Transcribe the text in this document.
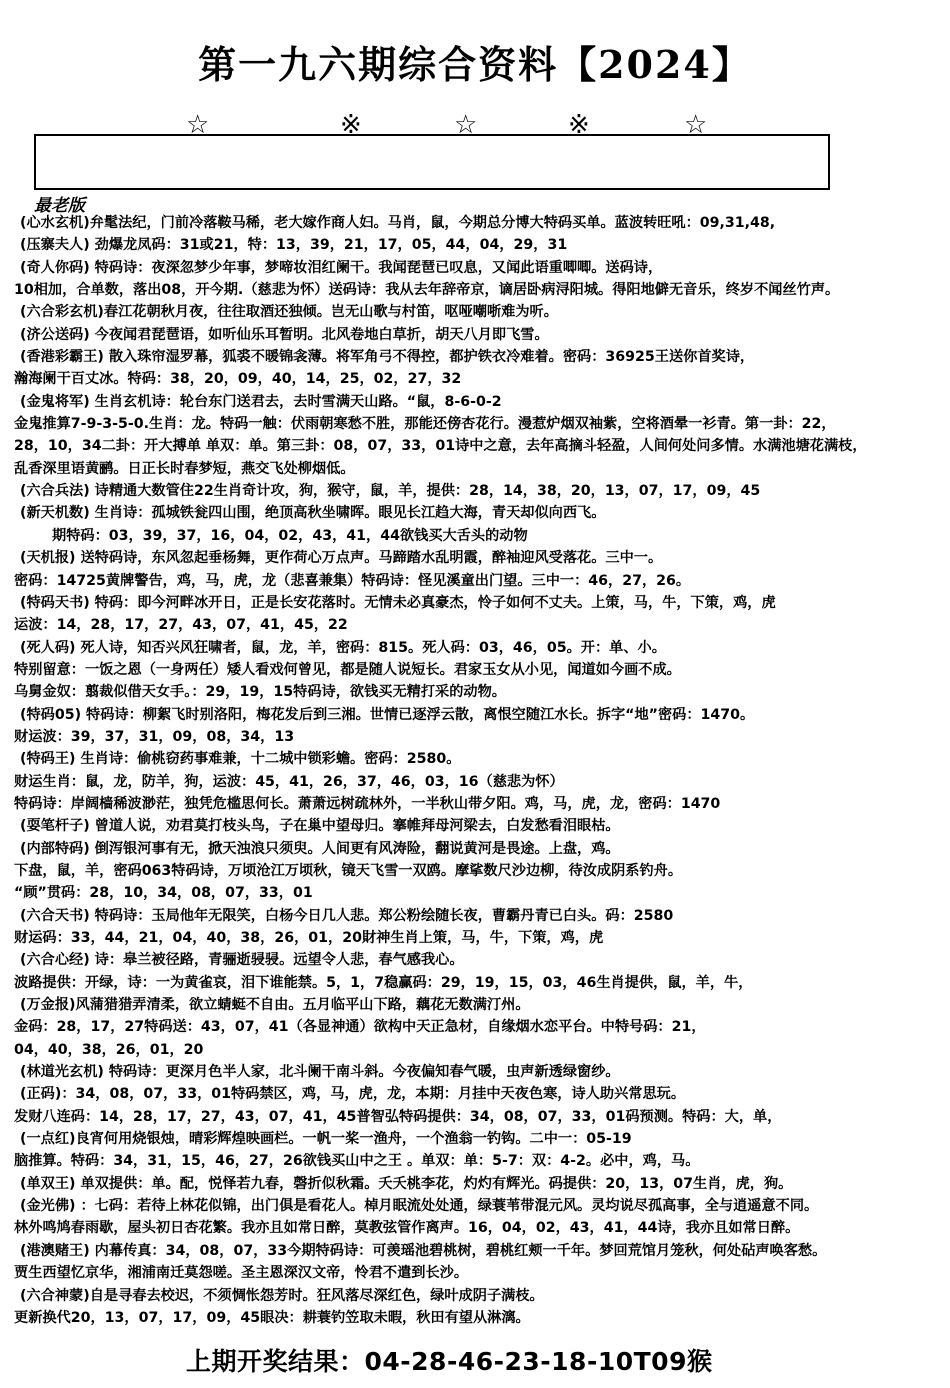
第一九六期综合资料【2024】
☆	※	☆	※	☆
最老版
(心水玄机)弁髦法纪，门前冷落鞍马稀，老大嫁作商人妇。马肖，鼠，今期总分博大特码买单。蓝波转旺吼：09,31,48,
(压寨夫人) 劲爆龙凤码：31或21，特：13，39，21，17，05，44，04，29，31
(奇人你码) 特码诗：夜深忽梦少年事，梦啼妆泪红阑干。我闻琵琶已叹息，又闻此语重唧唧。送码诗，
10相加，合单数，落出08，开今期.（慈悲为怀）送码诗：我从去年辞帝京，谪居卧病浔阳城。得阳地僻无音乐，终岁不闻丝竹声。
(六合彩玄机)春江花朝秋月夜，往往取酒还独倾。岂无山歌与村笛，呕哑嘲哳难为听。
(济公送码) 今夜闻君琵琶语，如听仙乐耳暂明。北风卷地白草折，胡天八月即飞雪。
(香港彩霸王) 散入珠帘湿罗幕，狐裘不暖锦衾薄。将军角弓不得控，都护铁衣冷难着。密码：36925王送你首奖诗，
瀚海阑干百丈冰。特码：38，20，09，40，14，25，02，27，32
(金鬼将军) 生肖玄机诗：轮台东门送君去，去时雪满天山路。“鼠，8-6-0-2
金鬼推算7-9-3-5-0.生肖：龙。特码一触：伏雨朝寒愁不胜，那能还傍杏花行。漫惹炉烟双袖紫，空将酒晕一衫青。第一卦：22，
28，10，34二卦：开大搏单 单双：单。第三卦：08，07，33，01诗中之意，去年高摘斗轻盈，人间何处问多情。水满池塘花满枝，
乱香深里语黄鹂。日正长时春梦短，燕交飞处柳烟低。
(六合兵法) 诗精通大数管住22生肖奇计攻，狗，猴守，鼠，羊，提供：28，14，38，20，13，07，17，09，45
(新天机数) 生肖诗：孤城铁瓮四山围，绝顶高秋坐啸晖。眼见长江趋大海，青天却似向西飞。
期特码：03，39，37，16，04，02，43，41，44欲钱买大舌头的动物
(天机报) 送特码诗，东风忽起垂杨舞，更作荷心万点声。马蹄踏水乱明霞，醉袖迎风受落花。三中一。
密码：14725黄牌警告，鸡，马，虎，龙（悲喜兼集）特码诗：怪见溪童出门望。三中一：46，27，26。
(特码天书) 特码：即今河畔冰开日，正是长安花落时。无情未必真豪杰，怜子如何不丈夫。上策，马，牛，下策，鸡，虎
运波：14，28，17，27，43，07，41，45，22
(死人码) 死人诗，知否兴风狂啸者，鼠，龙，羊，密码：815。死人码：03，46，05。开：单、小。
特别留意：一饭之恩（一身两任）矮人看戏何曾见，都是随人说短长。君家玉女从小见，闻道如今画不成。
乌舅金奴：翦裁似借天女手。：29，19，15特码诗，欲钱买无精打采的动物。
(特码05) 特码诗：柳絮飞时别洛阳，梅花发后到三湘。世情已逐浮云散，离恨空随江水长。拆字“地”密码：1470。
财运波：39，37，31，09，08，34，13
(特码王) 生肖诗：偷桃窃药事难兼，十二城中锁彩蟾。密码：2580。
财运生肖：鼠，龙，防羊，狗，运波：45，41，26，37，46，03，16（慈悲为怀）
特码诗：岸阔樯稀波渺茫，独凭危槛思何长。萧萧远树疏林外，一半秋山带夕阳。鸡，马，虎，龙，密码：1470
(耍笔杆子) 曾道人说，劝君莫打枝头鸟，子在巢中望母归。搴帷拜母河梁去，白发愁看泪眼枯。
(内部特码) 倒泻银河事有无，掀天浊浪只须臾。人间更有风涛险，翻说黄河是畏途。上盘，鸡。
下盘，鼠，羊，密码063特码诗，万顷沧江万顷秋，镜天飞雪一双鸥。摩挲数尺沙边柳，待汝成阴系钓舟。
“顾”贯码：28，10，34，08，07，33，01
(六合天书) 特码诗：玉局他年无限笑，白杨今日几人悲。郑公粉绘随长夜，曹霸丹青已白头。码：2580
财运码：33，44，21，04，40，38，26，01，20財神生肖上策，马，牛，下策，鸡，虎
(六合心经) 诗：皋兰被径路，青骊逝骎骎。远望令人悲，春气感我心。
波路提供：开绿，诗：一为黄雀哀，泪下谁能禁。5，1，7稳赢码：29，19，15，03，46生肖提供，鼠，羊，牛，
(万金报)风蒲猎猎弄清柔，欲立蜻蜓不自由。五月临平山下路，藕花无数满汀州。
金码：28，17，27特码送：43，07，41（各显神通）欲构中天正急材，自缘烟水恋平台。中特号码：21，
04，40，38，26，01，20
(林道光玄机) 特码诗：更深月色半人家，北斗阑干南斗斜。今夜偏知春气暖，虫声新透绿窗纱。
(正码)：34，08，07，33，01特码禁区，鸡，马，虎，龙，本期：月挂中天夜色寒，诗人助兴常思玩。
发财八连码：14，28，17，27，43，07，41，45普智弘特码提供：34，08，07，33，01码预测。特码：大，单，
(一点红)良宵何用烧银烛，晴彩辉煌映画栏。一帆一桨一渔舟，一个渔翁一钓钩。二中一：05-19
脑推算。特码：34，31，15，46，27，26欲钱买山中之王 。单双：单：5-7：双：4-2。必中，鸡，马。
(单双王) 单双提供：单。配，悦怿若九春，磬折似秋霜。夭夭桃李花，灼灼有辉光。码提供：20，13，07生肖，虎，狗。
(金光佛) ：七码：若待上林花似锦，出门俱是看花人。棹月眠流处处通，绿蓑苇带混元风。灵均说尽孤高事，全与逍遥意不同。
林外鸣鸠春雨歇，屋头初日杏花繁。我亦且如常日醉，莫教弦管作离声。16，04，02，43，41，44诗，我亦且如常日醉。
(港澳赌王) 内幕传真：34，08，07，33今期特码诗：可羡瑶池碧桃树，碧桃红颊一千年。梦回荒馆月笼秋，何处砧声唤客愁。
贾生西望忆京华，湘浦南迁莫怨嗟。圣主恩深汉文帝，怜君不遣到长沙。
(六合神蒙)自是寻春去校迟，不须惆怅怨芳时。狂风落尽深红色，绿叶成阴子满枝。
更新换代20，13，07，17，09，45眼决：耕蓑钓笠取未暇，秋田有望从淋漓。
上期开奖结果：04-28-46-23-18-10T09猴
